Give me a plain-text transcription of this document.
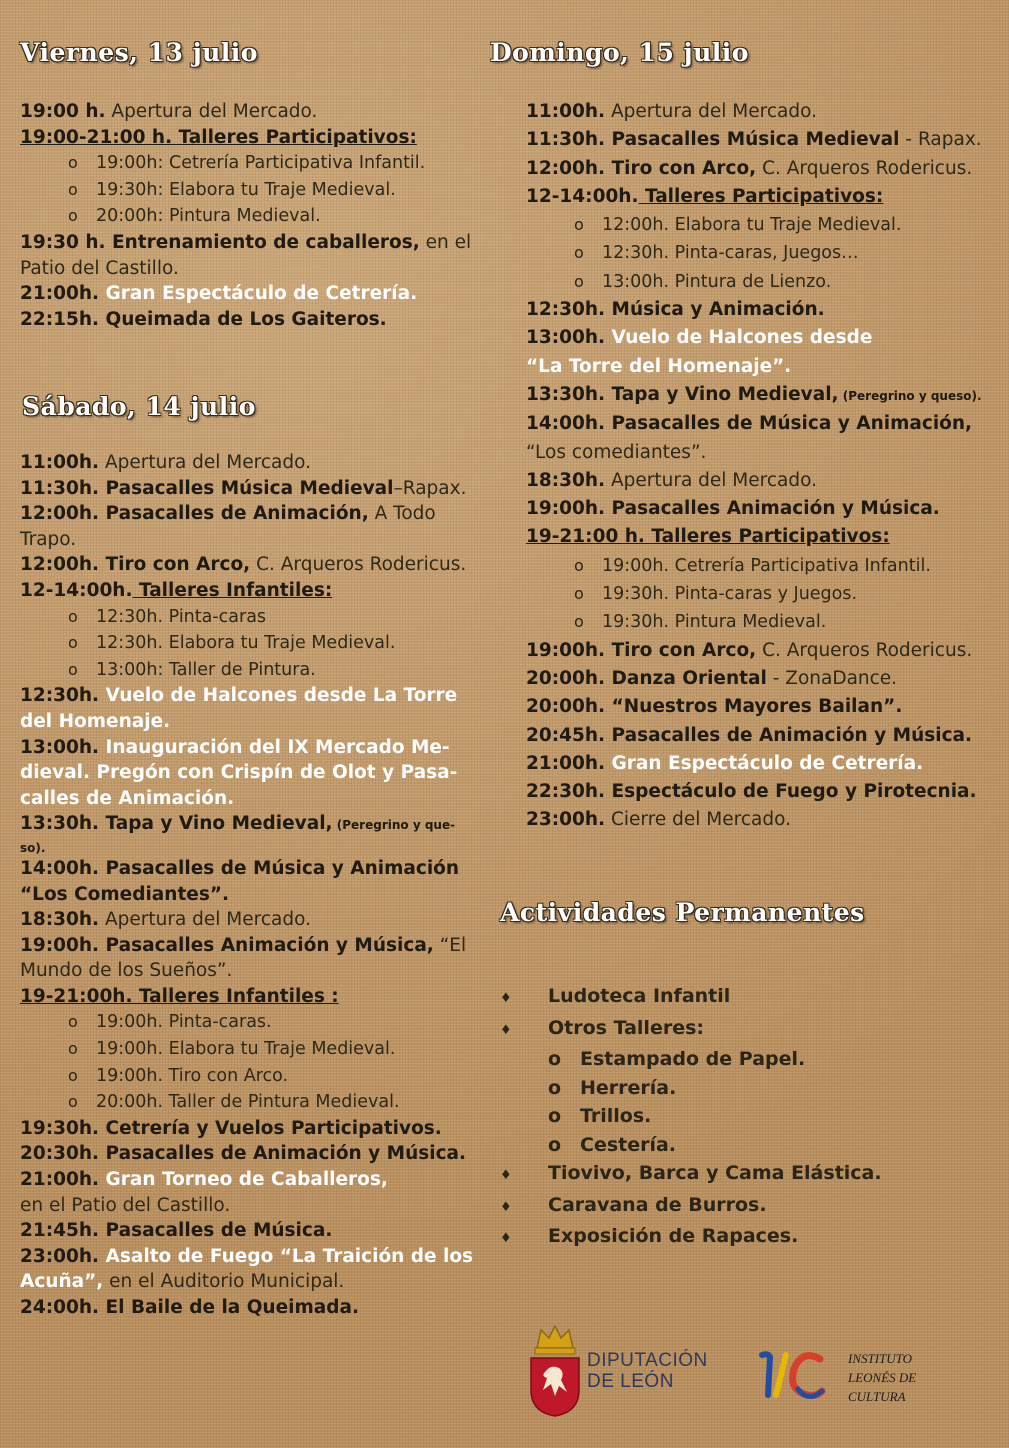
Viernes, 13 julio
19:00 h. Apertura del Mercado.
19:00-21:00 h. Talleres Participativos:
o 19:00h: Cetrería Participativa Infantil.
o 19:30h: Elabora tu Traje Medieval.
o 20:00h: Pintura Medieval.
19:30 h. Entrenamiento de caballeros, en el
Patio del Castillo.
21:00h. Gran Espectáculo de Cetrería.
22:15h. Queimada de Los Gaiteros.
Sábado, 14 julio
11:00h. Apertura del Mercado.
11:30h. Pasacalles Música Medieval–Rapax.
12:00h. Pasacalles de Animación, A Todo
Trapo.
12:00h. Tiro con Arco, C. Arqueros Rodericus.
12-14:00h. Talleres Infantiles:
o 12:30h. Pinta-caras
o 12:30h. Elabora tu Traje Medieval.
o 13:00h: Taller de Pintura.
12:30h. Vuelo de Halcones desde La Torre
del Homenaje.
13:00h. Inauguración del IX Mercado Me-
dieval. Pregón con Crispín de Olot y Pasa-
calles de Animación.
13:30h. Tapa y Vino Medieval, (Peregrino y que-
so).
14:00h. Pasacalles de Música y Animación
“Los Comediantes”.
18:30h. Apertura del Mercado.
19:00h. Pasacalles Animación y Música, “El
Mundo de los Sueños”.
19-21:00h. Talleres Infantiles :
o 19:00h. Pinta-caras.
o 19:00h. Elabora tu Traje Medieval.
o 19:00h. Tiro con Arco.
o 20:00h. Taller de Pintura Medieval.
19:30h. Cetrería y Vuelos Participativos.
20:30h. Pasacalles de Animación y Música.
21:00h. Gran Torneo de Caballeros,
en el Patio del Castillo.
21:45h. Pasacalles de Música.
23:00h. Asalto de Fuego “La Traición de los
Acuña”, en el Auditorio Municipal.
24:00h. El Baile de la Queimada.
Domingo, 15 julio
11:00h. Apertura del Mercado.
11:30h. Pasacalles Música Medieval - Rapax.
12:00h. Tiro con Arco, C. Arqueros Rodericus.
12-14:00h. Talleres Participativos:
o 12:00h. Elabora tu Traje Medieval.
o 12:30h. Pinta-caras, Juegos…
o 13:00h. Pintura de Lienzo.
12:30h. Música y Animación.
13:00h. Vuelo de Halcones desde
“La Torre del Homenaje”.
13:30h. Tapa y Vino Medieval, (Peregrino y queso).
14:00h. Pasacalles de Música y Animación,
“Los comediantes”.
18:30h. Apertura del Mercado.
19:00h. Pasacalles Animación y Música.
19-21:00 h. Talleres Participativos:
o 19:00h. Cetrería Participativa Infantil.
o 19:30h. Pinta-caras y Juegos.
o 19:30h. Pintura Medieval.
19:00h. Tiro con Arco, C. Arqueros Rodericus.
20:00h. Danza Oriental - ZonaDance.
20:00h. “Nuestros Mayores Bailan”.
20:45h. Pasacalles de Animación y Música.
21:00h. Gran Espectáculo de Cetrería.
22:30h. Espectáculo de Fuego y Pirotecnia.
23:00h. Cierre del Mercado.
Actividades Permanentes
♦ Ludoteca Infantil
♦ Otros Talleres:
o Estampado de Papel.
o Herrería.
o Trillos.
o Cestería.
♦ Tiovivo, Barca y Cama Elástica.
♦ Caravana de Burros.
♦ Exposición de Rapaces.
DIPUTACIÓN
DE LEÓN
INSTITUTO
LEONÉS DE
CULTURA
